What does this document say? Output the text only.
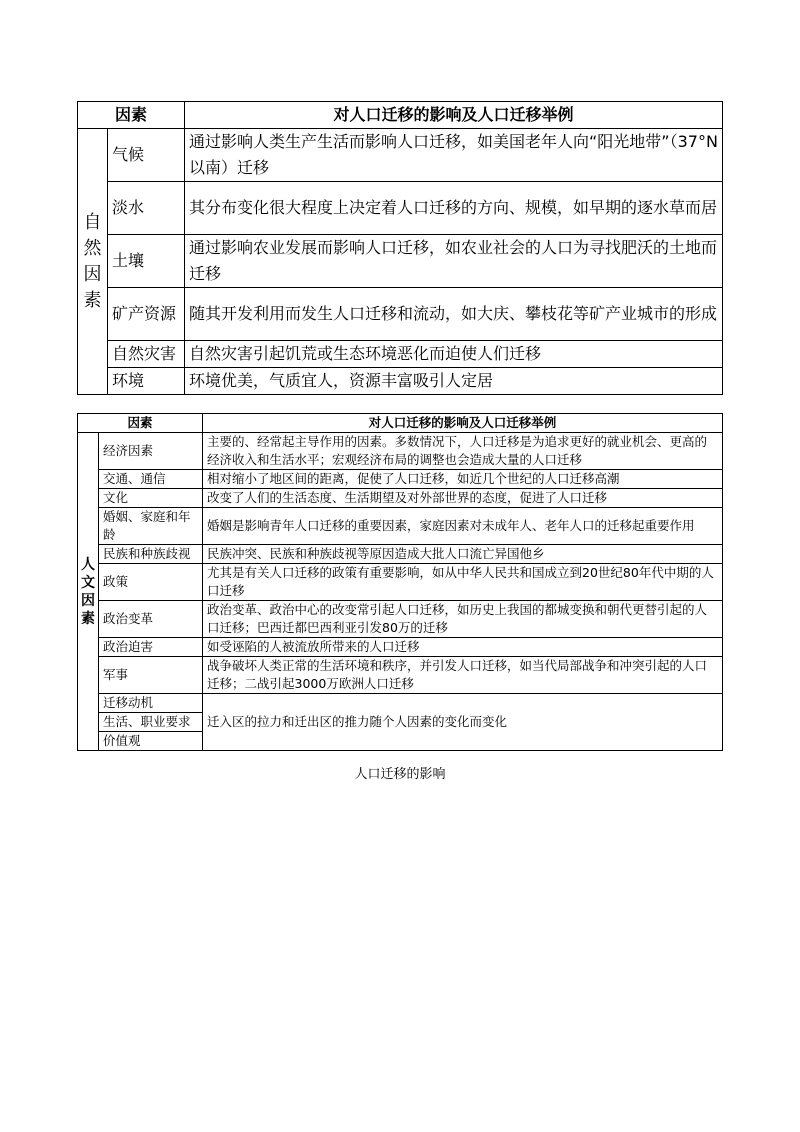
因素		对人口迁移的影响及人口迁移举例

自
然
因
素	气候	通过影响人类生产生活而影响人口迁移，如美国老年人向“阳光地带”（37°N以南）迁移
	淡水	其分布变化很大程度上决定着人口迁移的方向、规模，如早期的逐水草而居
	土壤	通过影响农业发展而影响人口迁移，如农业社会的人口为寻找肥沃的土地而迁移
	矿产资源	随其开发利用而发生人口迁移和流动，如大庆、攀枝花等矿产业城市的形成
	自然灾害	自然灾害引起饥荒或生态环境恶化而迫使人们迁移
	环境	环境优美，气质宜人，资源丰富吸引人定居
因素		对人口迁移的影响及人口迁移举例

人
文
因
素	经济因素	主要的、经常起主导作用的因素。多数情况下，人口迁移是为追求更好的就业机会、更高的经济收入和生活水平；宏观经济布局的调整也会造成大量的人口迁移
	交通、通信	相对缩小了地区间的距离，促使了人口迁移，如近几个世纪的人口迁移高潮
	文化	改变了人们的生活态度、生活期望及对外部世界的态度，促进了人口迁移
	婚姻、家庭和年龄	婚姻是影响青年人口迁移的重要因素，家庭因素对未成年人、老年人口的迁移起重要作用
	民族和种族歧视	民族冲突、民族和种族歧视等原因造成大批人口流亡异国他乡
	政策	尤其是有关人口迁移的政策有重要影响，如从中华人民共和国成立到20世纪80年代中期的人口迁移
	政治变革	政治变革、政治中心的改变常引起人口迁移，如历史上我国的都城变换和朝代更替引起的人口迁移；巴西迁都巴西利亚引发80万的迁移
	政治迫害	如受诬陷的人被流放所带来的人口迁移
	军事	战争破坏人类正常的生活环境和秩序，并引发人口迁移，如当代局部战争和冲突引起的人口迁移；二战引起3000万欧洲人口迁移
	迁移动机	迁入区的拉力和迁出区的推力随个人因素的变化而变化
	生活、职业要求	
	价值观	
人口迁移的影响
